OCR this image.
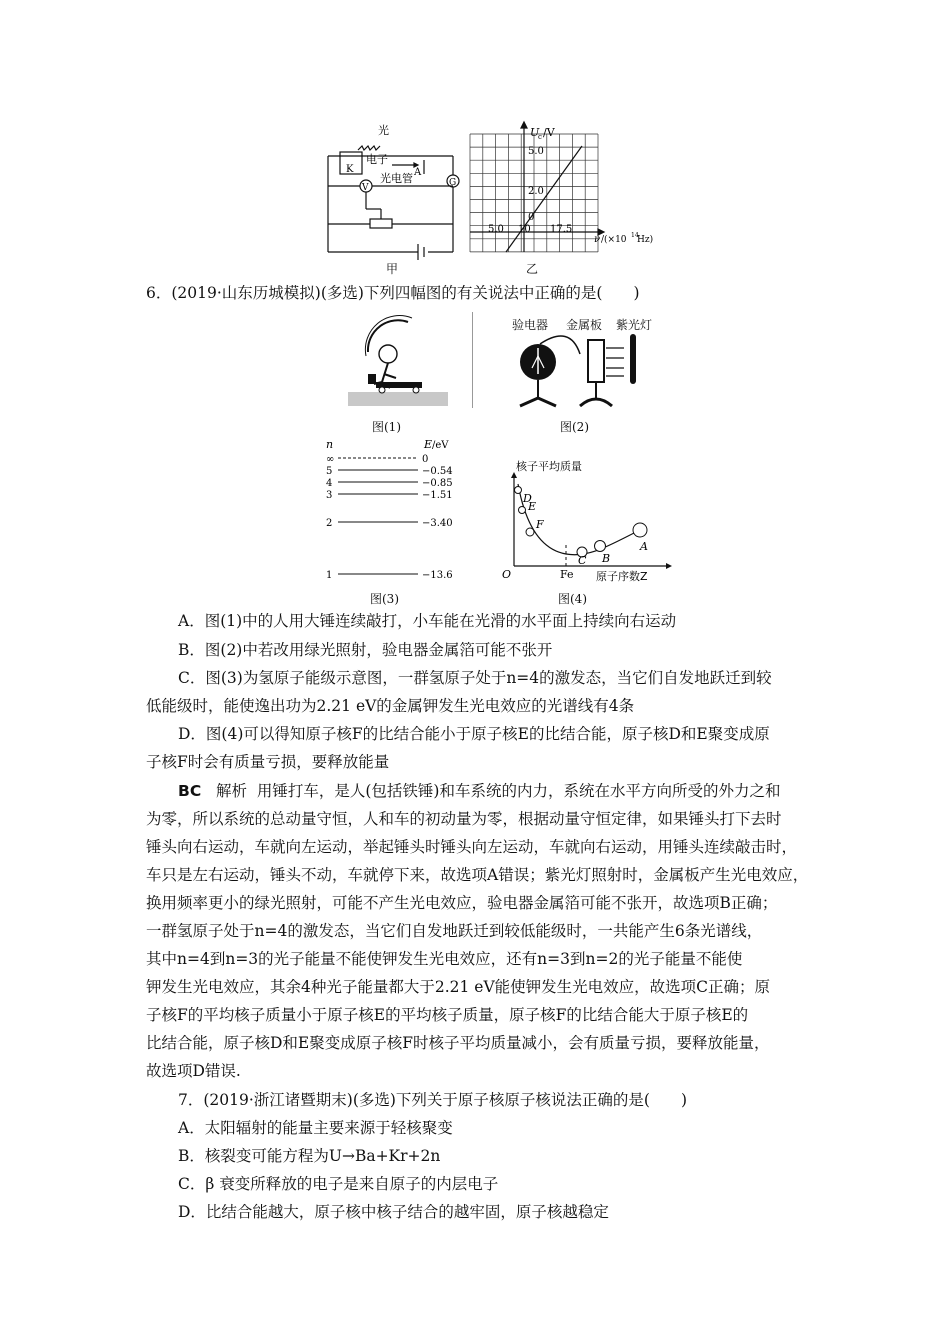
光
电子
K	A
光电管
V	G
甲
U
c /V
5.0
2.0
0
5.0 10 17.5
ν /(×10 14
Hz)
乙
6．(2019·山东历城模拟)(多选)下列四幅图的有关说法中正确的是(　　)
图(1)
验电器 金属板 紫光灯
图(2)
n	E /eV
∞	0
5	−0.54
4	−0.85
3	−1.51
2	−3.40
1	−13.6
图(3)
核子平均质量
D
E
F
C B
A
O	Fe 原子序数Z
图(4)
A．图(1)中的人用大锤连续敲打，小车能在光滑的水平面上持续向右运动
B．图(2)中若改用绿光照射，验电器金属箔可能不张开
C．图(3)为氢原子能级示意图，一群氢原子处于n=4的激发态，当它们自发地跃迁到较
低能级时，能使逸出功为2.21 eV的金属钾发生光电效应的光谱线有4条
D．图(4)可以得知原子核F的比结合能小于原子核E的比结合能，原子核D和E聚变成原
子核F时会有质量亏损，要释放能量
BC 解析 用锤打车，是人(包括铁锤)和车系统的内力，系统在水平方向所受的外力之和
为零，所以系统的总动量守恒，人和车的初动量为零，根据动量守恒定律，如果锤头打下去时
锤头向右运动，车就向左运动，举起锤头时锤头向左运动，车就向右运动，用锤头连续敲击时，
车只是左右运动，锤头不动，车就停下来，故选项A错误；紫光灯照射时，金属板产生光电效应，
换用频率更小的绿光照射，可能不产生光电效应，验电器金属箔可能不张开，故选项B正确；
一群氢原子处于n=4的激发态，当它们自发地跃迁到较低能级时，一共能产生6条光谱线，
其中n=4到n=3的光子能量不能使钾发生光电效应，还有n=3到n=2的光子能量不能使
钾发生光电效应，其余4种光子能量都大于2.21 eV能使钾发生光电效应，故选项C正确；原
子核F的平均核子质量小于原子核E的平均核子质量，原子核F的比结合能大于原子核E的
比结合能，原子核D和E聚变成原子核F时核子平均质量减小，会有质量亏损，要释放能量，
故选项D错误.
7．(2019·浙江诸暨期末)(多选)下列关于原子核原子核说法正确的是(　　)
A．太阳辐射的能量主要来源于轻核聚变
B．核裂变可能方程为U→Ba+Kr+2n
C．β 衰变所释放的电子是来自原子的内层电子
D．比结合能越大，原子核中核子结合的越牢固，原子核越稳定
